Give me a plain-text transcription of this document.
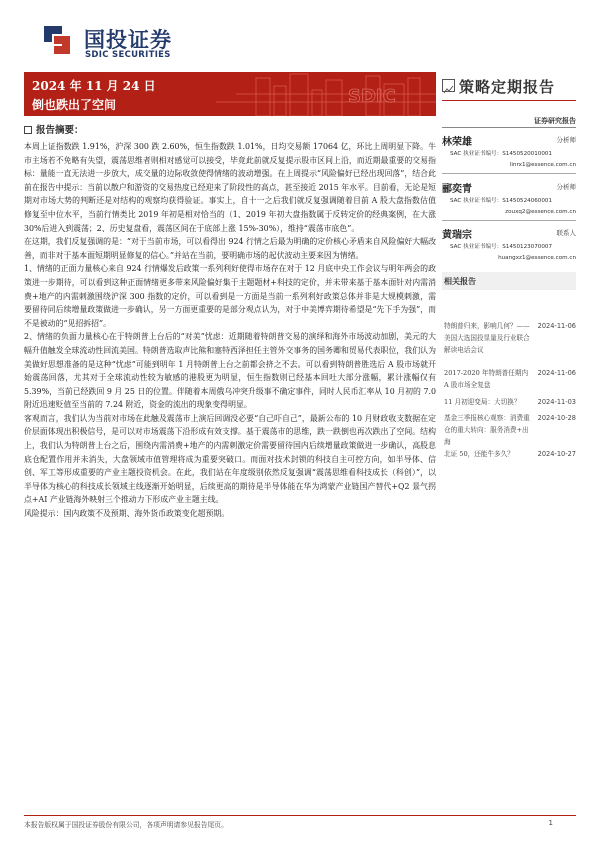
国投证券
SDIC SECURITIES
SDIC
2024 年 11 月 24 日
倒也跌出了空间
策略定期报告
证券研究报告
报告摘要：

本周上证指数跌 1.91%，沪深 300 跌 2.60%，恒生指数跌 1.01%，日均交易额 17064 亿，环比上周明显下降。牛市主场若不免略有失望，震荡思维者则相对感觉可以接受，毕竟此前就反复提示股市区间上沿，而近期最重要的交易指标：量能一直无法进一步放大，成交量的边际收敛使得情绪的波动增强。在上周提示“风险偏好已经出现回落”，结合此前在报告中提示：当前以散户和游资的交易热度已经迎来了阶段性的高点，甚至接近 2015 年水平。目前看，无论是短期对市场大势的判断还是对结构的观察均获得验证。事实上，自十一之后我们就反复强调随着目前 A 股大盘指数估值修复至中位水平，当前行情类比 2019 年初是相对恰当的（1、2019 年初大盘指数属于反转定价的经典案例，在大涨 30%后进入到震荡；2、历史复盘看，震荡区间在于底部上涨 15%-30%），维持“震荡市底色”。

在这期，我们反复强调的是：“对于当前市场，可以看得出 924 行情之后最为明确的定价核心矛盾来自风险偏好大幅改善，而非对于基本面短期明显修复的信心。”并站在当前，要明确市场的起伏波动主要来因为情绪。

1、情绪的正面力量核心来自 924 行情爆发后政策一系列利好使得市场存在对于 12 月底中央工作会议与明年两会的政策进一步期待，可以看到这种正面情绪更多带来风险偏好集于主题题材+科技的定价，并未带来基于基本面针对内需消费+地产的内需刺激围绕沪深 300 指数的定价，可以看到是一方面是当前一系列利好政策总体并非是大规模刺激，需要留待同后续增量政策做进一步确认，另一方面更重要的是部分观点认为，对于中美博弈期待希望是“先下手为强”，而不是被动的“见招拆招”。

2、情绪的负面力量核心在于特朗普上台后的“对美”忧虑：近期随着特朗普交易的演绎和海外市场波动加剧，美元的大幅升值触发全球流动性回流美国。特朗普选取声比熊和塞特西泽担任主管外交事务的国务卿和贸易代表职位，我们认为美做好思想准备的是这种“忧虑”可能到明年 1 月特朗普上台之前都会挤之不去。可以看到特朗普胜选后 A 股市场就开始震荡回落，尤其对于全球流动性较为敏感的港股更为明显，恒生指数则已经基本回吐大部分涨幅，累计涨幅仅有 5.39%，当前已经跌回 9 月 25 日的位置。伴随着本周俄乌冲突升级事不确定事件，同时人民币汇率从 10 月初的 7.0 附近迅速贬值至当前的 7.24 附近，资金的流出的现象变得明显。

客观而言，我们认为当前对市场在此触及震荡市上演后回调没必要“自己吓自己”，最新公布的 10 月财政收支数据在定价层面体现出积极信号，是可以对市场震荡下沿形成有效支撑。基于震荡市的思维，跌一跌倒也再次跌出了空间。结构上，我们认为特朗普上台之后，围绕内需消费+地产的内需刺激定价需要留待国内后续增量政策做进一步确认，高股息底仓配置作用并未消失，大盘领域市值管理将成为重要突破口。而面对技术封锁的科技自主可控方向，如半导体、信创、军工等形成重要的产业主题投资机会。在此，我们站在年度级别依然反复强调“震荡思维看科技成长（科创）”，以半导体为核心的科技成长领域主线逐渐开始明显，后续更高的期待是半导体能在华为鸿蒙产业链国产替代+Q2 景气拐点+AI 产业链海外映射三个推动力下形成产业主题主线。

风险提示：国内政策不及预期、海外货币政策变化超预期。

林荣雄	分析师
SAC 执业证书编号：S1450520010001
linrx1@essence.com.cn
郦奕青	分析师
SAC 执业证书编号：S1450524060001
zouxq2@essence.com.cn
黄瑞宗	联系人
SAC 执业证书编号：S1450123070007
huangxz1@essence.com.cn
相关报告
特朗普归来，影响几何？——美国大选国投显量及行业联合解读电话会议
2024-11-06
2017-2020 年特朗普任期内A 股市场全复盘
2024-11-06
11 月初迎变局：大切换？	2024-11-03
基金三季报核心观察：消费重仓的重大转向：服务消费+出海
2024-10-28
北证 50，还能牛多久？	2024-10-27
本报告版权属于国投证券股份有限公司，各项声明请参见报告尾页。	1
